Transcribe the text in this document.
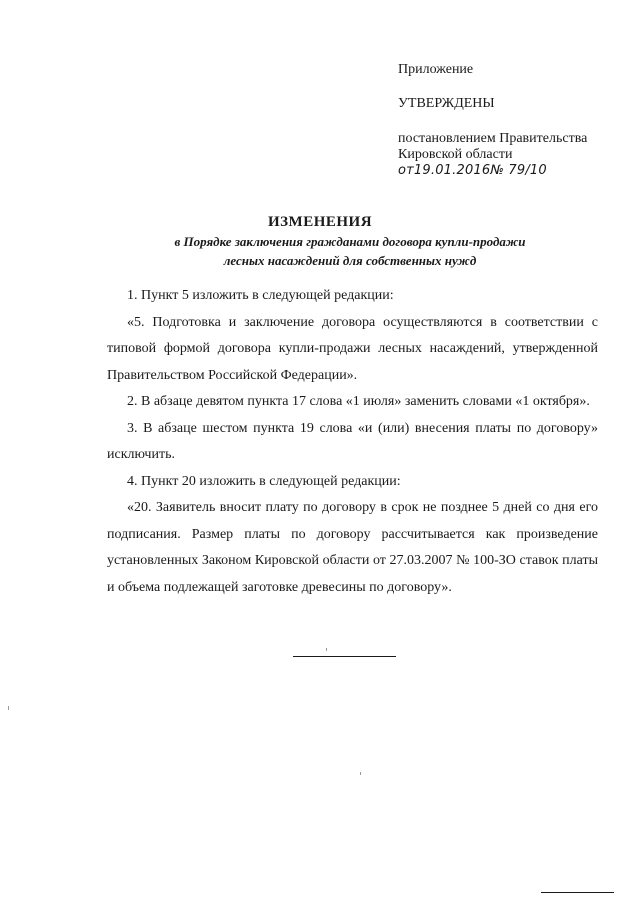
Приложение
УТВЕРЖДЕНЫ
постановлением Правительства
Кировской области
от19.01.2016№ 79/10
ИЗМЕНЕНИЯ
в Порядке заключения гражданами договора купли-продажи
лесных насаждений для собственных нужд

1. Пункт 5 изложить в следующей редакции:

«5. Подготовка и заключение договора осуществляются в соответствии с типовой формой договора купли-продажи лесных насаждений, утвержденной Правительством Российской Федерации».

2. В абзаце девятом пункта 17 слова «1 июля» заменить словами «1 октября».

3. В абзаце шестом пункта 19 слова «и (или) внесения платы по договору» исключить.

4. Пункт 20 изложить в следующей редакции:

«20. Заявитель вносит плату по договору в срок не позднее 5 дней со дня его подписания. Размер платы по договору рассчитывается как произведение установленных Законом Кировской области от 27.03.2007 № 100-ЗО ставок платы и объема подлежащей заготовке древесины по договору».
